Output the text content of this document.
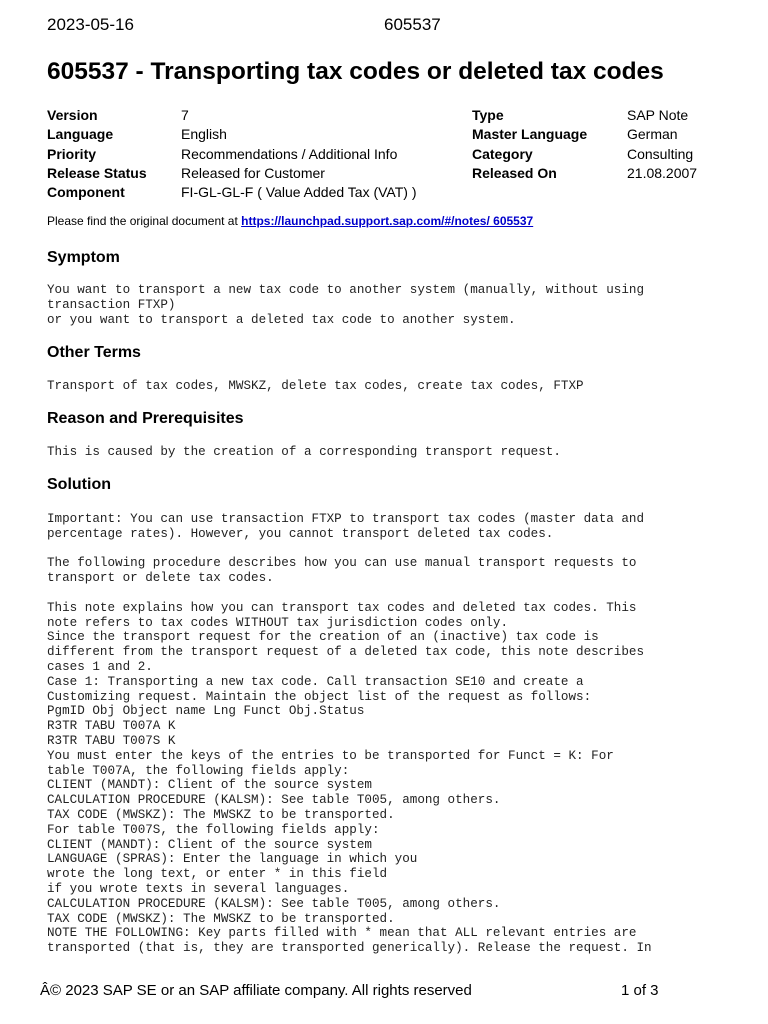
2023-05-16	605537
605537 - Transporting tax codes or deleted tax codes
Version
Language
Priority
Release Status
Component
7
English
Recommendations / Additional Info
Released for Customer
FI-GL-GL-F ( Value Added Tax (VAT) )
Type
Master Language
Category
Released On
SAP Note
German
Consulting
21.08.2007
Please find the original document at https://launchpad.support.sap.com/#/notes/ 605537
Symptom
You want to transport a new tax code to another system (manually, without using
transaction FTXP)
or you want to transport a deleted tax code to another system.
Other Terms
Transport of tax codes, MWSKZ, delete tax codes, create tax codes, FTXP
Reason and Prerequisites
This is caused by the creation of a corresponding transport request.
Solution
Important: You can use transaction FTXP to transport tax codes (master data and
percentage rates). However, you cannot transport deleted tax codes.

The following procedure describes how you can use manual transport requests to
transport or delete tax codes.

This note explains how you can transport tax codes and deleted tax codes. This
note refers to tax codes WITHOUT tax jurisdiction codes only.
Since the transport request for the creation of an (inactive) tax code is
different from the transport request of a deleted tax code, this note describes
cases 1 and 2.
Case 1: Transporting a new tax code. Call transaction SE10 and create a
Customizing request. Maintain the object list of the request as follows:
PgmID Obj Object name Lng Funct Obj.Status
R3TR TABU T007A K
R3TR TABU T007S K
You must enter the keys of the entries to be transported for Funct = K: For
table T007A, the following fields apply:
CLIENT (MANDT): Client of the source system
CALCULATION PROCEDURE (KALSM): See table T005, among others.
TAX CODE (MWSKZ): The MWSKZ to be transported.
For table T007S, the following fields apply:
CLIENT (MANDT): Client of the source system
LANGUAGE (SPRAS): Enter the language in which you
wrote the long text, or enter * in this field
if you wrote texts in several languages.
CALCULATION PROCEDURE (KALSM): See table T005, among others.
TAX CODE (MWSKZ): The MWSKZ to be transported.
NOTE THE FOLLOWING: Key parts filled with * mean that ALL relevant entries are
transported (that is, they are transported generically). Release the request. In
Â© 2023 SAP SE or an SAP affiliate company. All rights reserved	1 of 3
